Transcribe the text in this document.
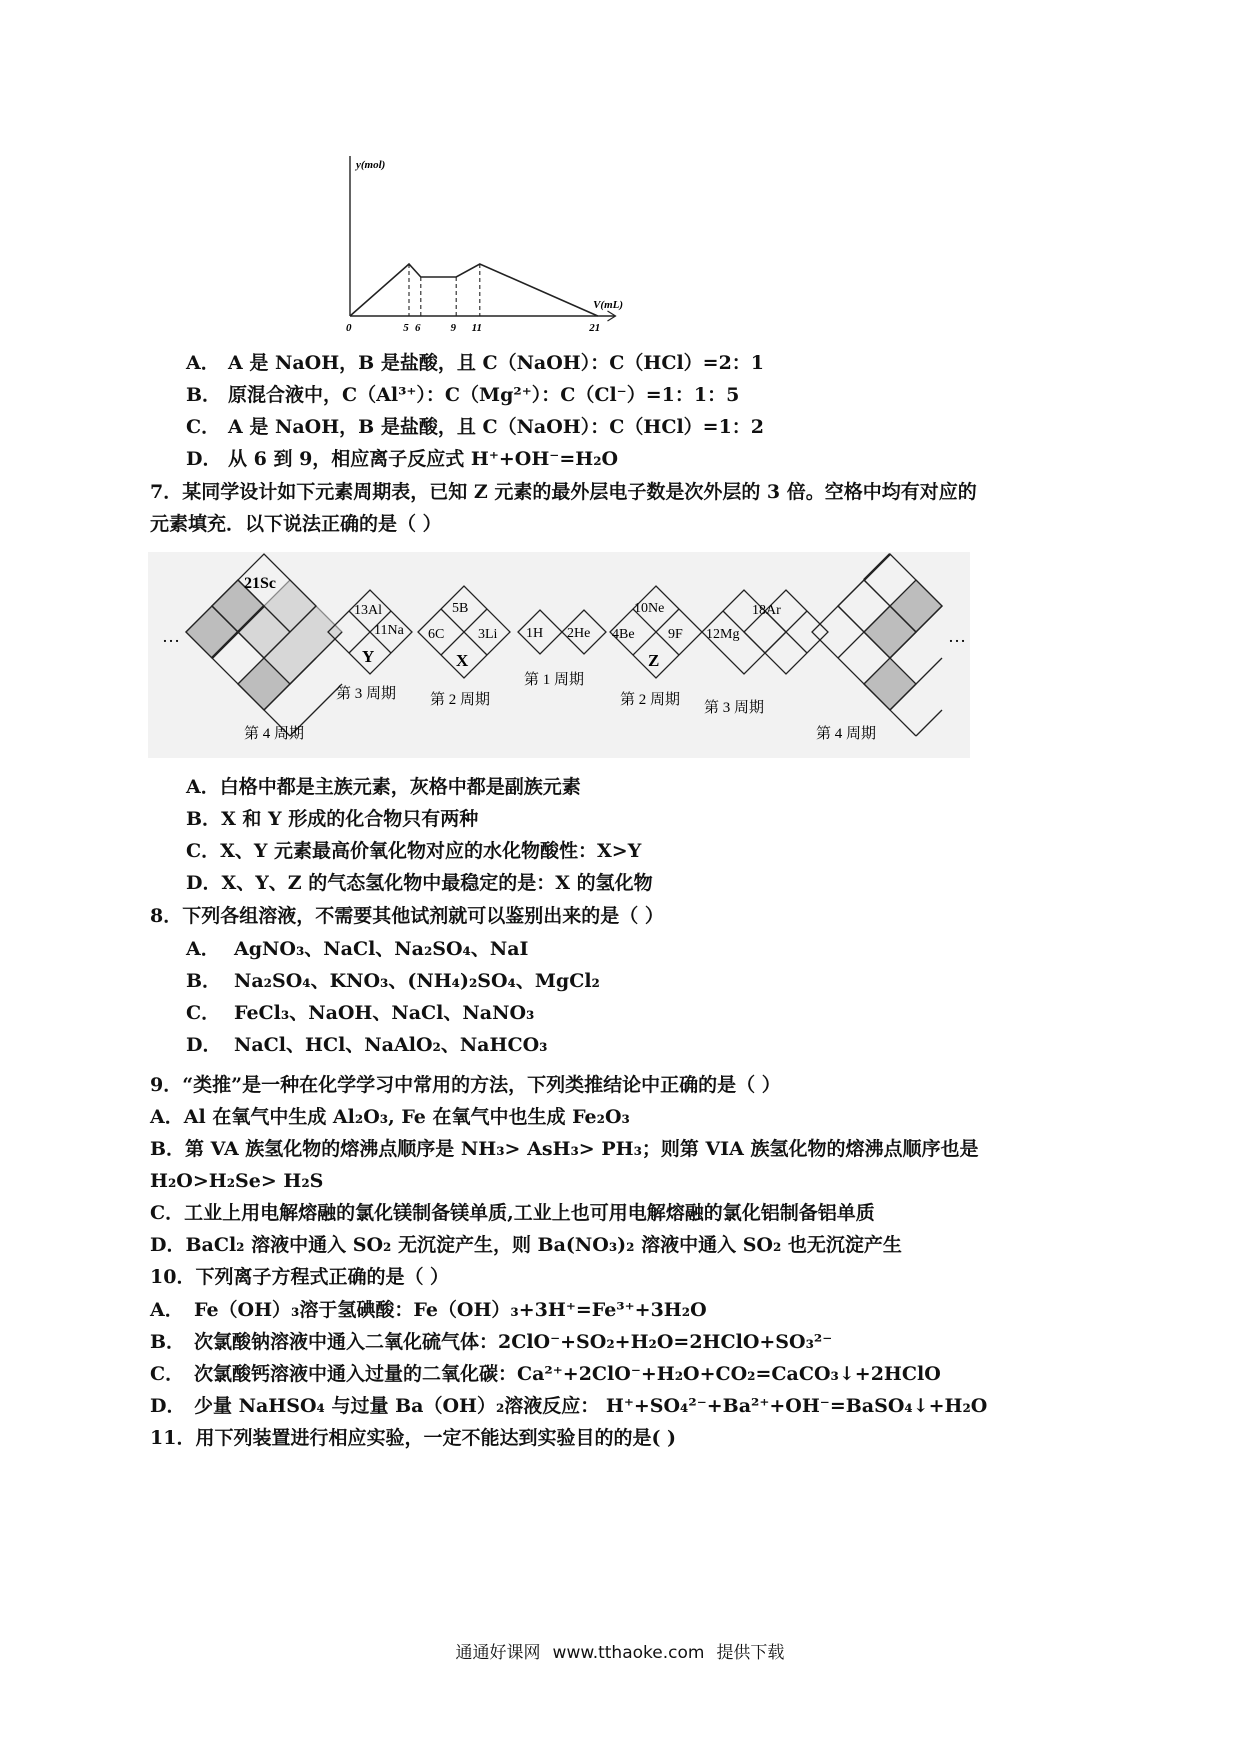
y(mol)
V(mL)
0	5 6	9 11	21
A． A 是 NaOH，B 是盐酸，且 C（NaOH）：C（HCl）=2：1
B． 原混合液中，C（Al³⁺）：C（Mg²⁺）：C（Cl⁻）=1：1：5
C． A 是 NaOH，B 是盐酸，且 C（NaOH）：C（HCl）=1：2
D． 从 6 到 9，相应离子反应式 H⁺+OH⁻=H₂O
7．某同学设计如下元素周期表，已知 Z 元素的最外层电子数是次外层的 3 倍。空格中均有对应的
元素填充．以下说法正确的是（ ）
…	…
21Sc
13Al
11Na
Y
5B
6C 3Li
X
1H 2He
10Ne
4Be 9F
Z
18Ar
12Mg
第 4 周期
第 3 周期 第 2 周期
第 1 周期
第 2 周期 第 3 周期
第 4 周期
A．白格中都是主族元素，灰格中都是副族元素
B．X 和 Y 形成的化合物只有两种
C．X、Y 元素最高价氧化物对应的水化物酸性：X>Y
D．X、Y、Z 的气态氢化物中最稳定的是：X 的氢化物
8．下列各组溶液，不需要其他试剂就可以鉴别出来的是（ ）
A． AgNO₃、NaCl、Na₂SO₄、NaI
B． Na₂SO₄、KNO₃、(NH₄)₂SO₄、MgCl₂
C． FeCl₃、NaOH、NaCl、NaNO₃
D． NaCl、HCl、NaAlO₂、NaHCO₃
9．“类推”是一种在化学学习中常用的方法，下列类推结论中正确的是（ ）
A．Al 在氧气中生成 Al₂O₃, Fe 在氧气中也生成 Fe₂O₃
B．第 VA 族氢化物的熔沸点顺序是 NH₃> AsH₃> PH₃；则第 VIA 族氢化物的熔沸点顺序也是
H₂O>H₂Se> H₂S
C．工业上用电解熔融的氯化镁制备镁单质,工业上也可用电解熔融的氯化铝制备铝单质
D．BaCl₂ 溶液中通入 SO₂ 无沉淀产生，则 Ba(NO₃)₂ 溶液中通入 SO₂ 也无沉淀产生
10．下列离子方程式正确的是（ ）
A． Fe（OH）₃溶于氢碘酸：Fe（OH）₃+3H⁺=Fe³⁺+3H₂O
B． 次氯酸钠溶液中通入二氧化硫气体：2ClO⁻+SO₂+H₂O=2HClO+SO₃²⁻
C． 次氯酸钙溶液中通入过量的二氧化碳：Ca²⁺+2ClO⁻+H₂O+CO₂=CaCO₃↓+2HClO
D． 少量 NaHSO₄ 与过量 Ba（OH）₂溶液反应： H⁺+SO₄²⁻+Ba²⁺+OH⁻=BaSO₄↓+H₂O
11．用下列装置进行相应实验，一定不能达到实验目的的是( )
通通好课网 www.tthaoke.com 提供下载
